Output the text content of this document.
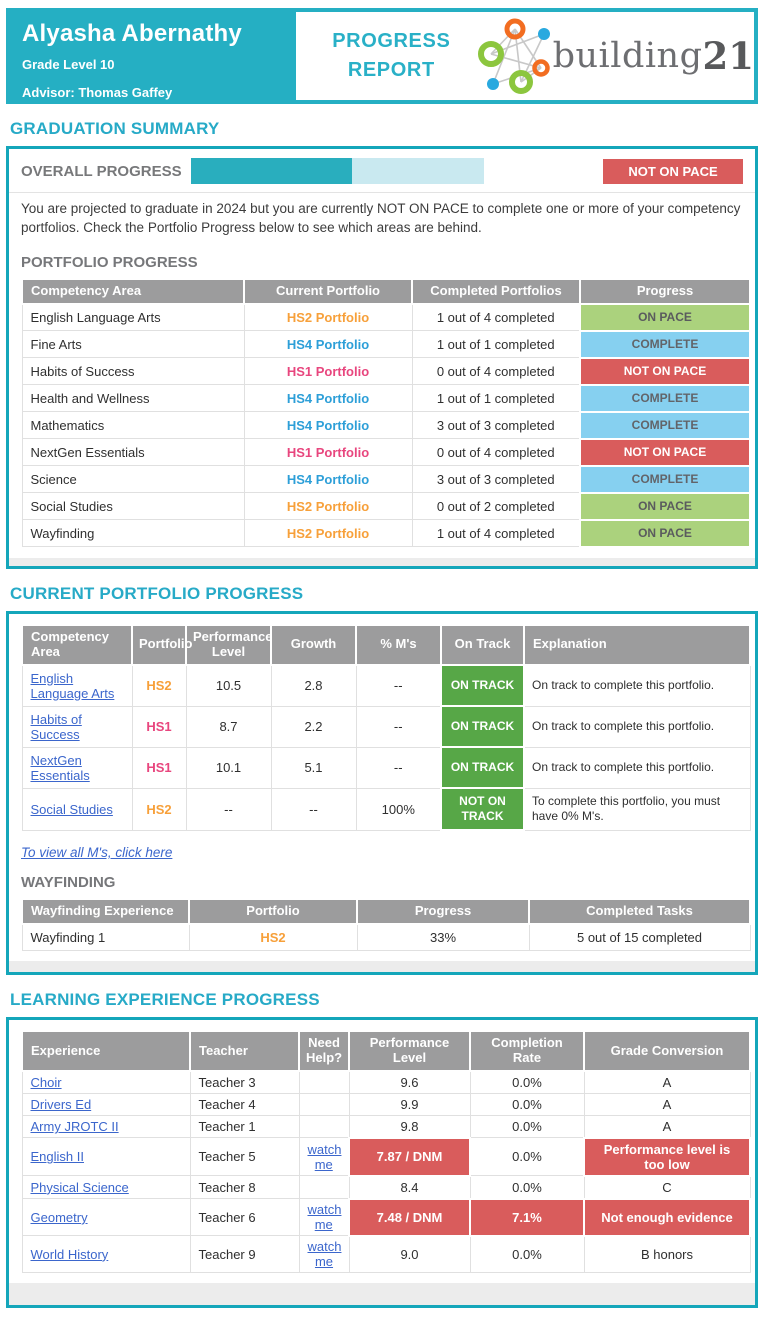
Alyasha Abernathy
Grade Level 10
Advisor: Thomas Gaffey
PROGRESS
REPORT	building 21
GRADUATION SUMMARY
OVERALL PROGRESS	NOT ON PACE
You are projected to graduate in 2024 but you are currently NOT ON PACE to complete one or more of your competency portfolios. Check the Portfolio Progress below to see which areas are behind.
PORTFOLIO PROGRESS
Competency Area	Current Portfolio	Completed Portfolios	Progress
English Language Arts	HS2 Portfolio	1 out of 4 completed	ON PACE
Fine Arts	HS4 Portfolio	1 out of 1 completed	COMPLETE
Habits of Success	HS1 Portfolio	0 out of 4 completed	NOT ON PACE
Health and Wellness	HS4 Portfolio	1 out of 1 completed	COMPLETE
Mathematics	HS4 Portfolio	3 out of 3 completed	COMPLETE
NextGen Essentials	HS1 Portfolio	0 out of 4 completed	NOT ON PACE
Science	HS4 Portfolio	3 out of 3 completed	COMPLETE
Social Studies	HS2 Portfolio	0 out of 2 completed	ON PACE
Wayfinding	HS2 Portfolio	1 out of 4 completed	ON PACE
CURRENT PORTFOLIO PROGRESS
Competency Area	Portfolio	Performance Level	Growth	% M's	On Track	Explanation
English Language Arts	HS2	10.5	2.8	--	ON TRACK	On track to complete this portfolio.
Habits of Success	HS1	8.7	2.2	--	ON TRACK	On track to complete this portfolio.
NextGen Essentials	HS1	10.1	5.1	--	ON TRACK	On track to complete this portfolio.
Social Studies	HS2	--	--	100%	NOT ON TRACK	To complete this portfolio, you must have 0% M's.
To view all M's, click here
WAYFINDING
Wayfinding Experience	Portfolio	Progress	Completed Tasks
Wayfinding 1	HS2	33%	5 out of 15 completed
LEARNING EXPERIENCE PROGRESS
Experience	Teacher	Need Help?	Performance Level	Completion Rate	Grade Conversion
Choir	Teacher 3		9.6	0.0%	A
Drivers Ed	Teacher 4		9.9	0.0%	A
Army JROTC II	Teacher 1		9.8	0.0%	A
English II	Teacher 5	watch me	7.87 / DNM	0.0%	Performance level is too low
Physical Science	Teacher 8		8.4	0.0%	C
Geometry	Teacher 6	watch me	7.48 / DNM	7.1%	Not enough evidence
World History	Teacher 9	watch me	9.0	0.0%	B honors
